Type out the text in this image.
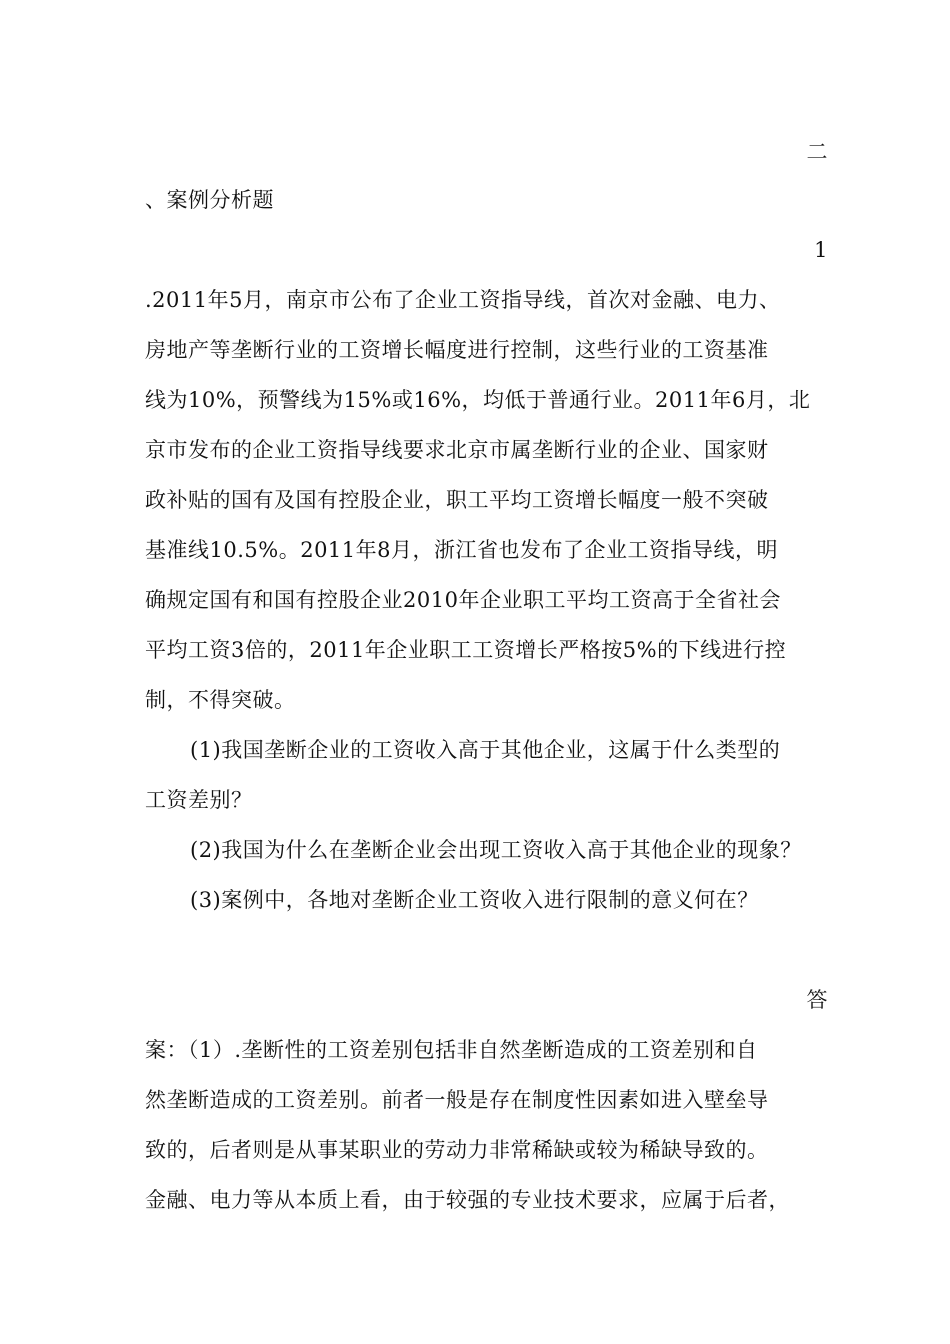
二
、案例分析题
1
.2011年5月，南京市公布了企业工资指导线，首次对金融、电力、
房地产等垄断行业的工资增长幅度进行控制，这些行业的工资基准
线为10%，预警线为15%或16%，均低于普通行业。2011年6月，北
京市发布的企业工资指导线要求北京市属垄断行业的企业、国家财
政补贴的国有及国有控股企业，职工平均工资增长幅度一般不突破
基准线10.5%。2011年8月，浙江省也发布了企业工资指导线，明
确规定国有和国有控股企业2010年企业职工平均工资高于全省社会
平均工资3倍的，2011年企业职工工资增长严格按5%的下线进行控
制，不得突破。
(1)我国垄断企业的工资收入高于其他企业，这属于什么类型的
工资差别？
(2)我国为什么在垄断企业会出现工资收入高于其他企业的现象？
(3)案例中，各地对垄断企业工资收入进行限制的意义何在？
答
案：（1）.垄断性的工资差别包括非自然垄断造成的工资差别和自
然垄断造成的工资差别。前者一般是存在制度性因素如进入壁垒导
致的，后者则是从事某职业的劳动力非常稀缺或较为稀缺导致的。
金融、电力等从本质上看，由于较强的专业技术要求，应属于后者，
